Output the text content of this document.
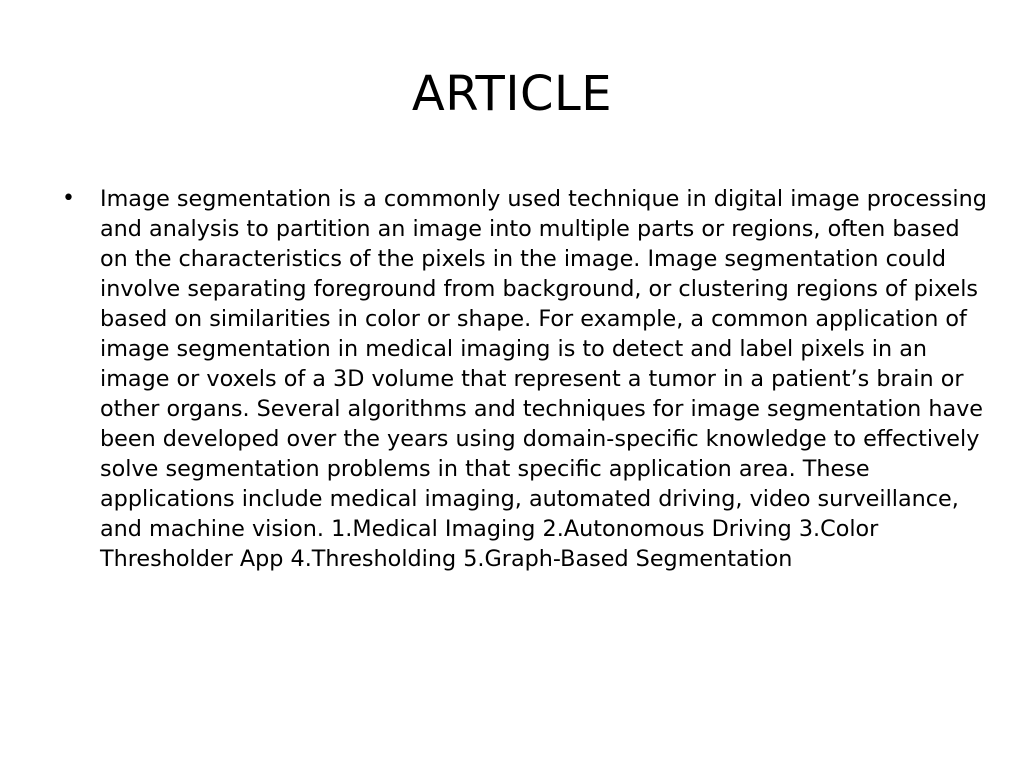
ARTICLE
• Image segmentation is a commonly used technique in digital image processing and analysis to partition an image into multiple parts or regions, often based on the characteristics of the pixels in the image. Image segmentation could involve separating foreground from background, or clustering regions of pixels based on similarities in color or shape. For example, a common application of image segmentation in medical imaging is to detect and label pixels in an image or voxels of a 3D volume that represent a tumor in a patient’s brain or other organs. Several algorithms and techniques for image segmentation have been developed over the years using domain-specific knowledge to effectively solve segmentation problems in that specific application area. These applications include medical imaging, automated driving, video surveillance, and machine vision. 1.Medical Imaging 2.Autonomous Driving 3.Color Thresholder App 4.Thresholding 5.Graph-Based Segmentation
